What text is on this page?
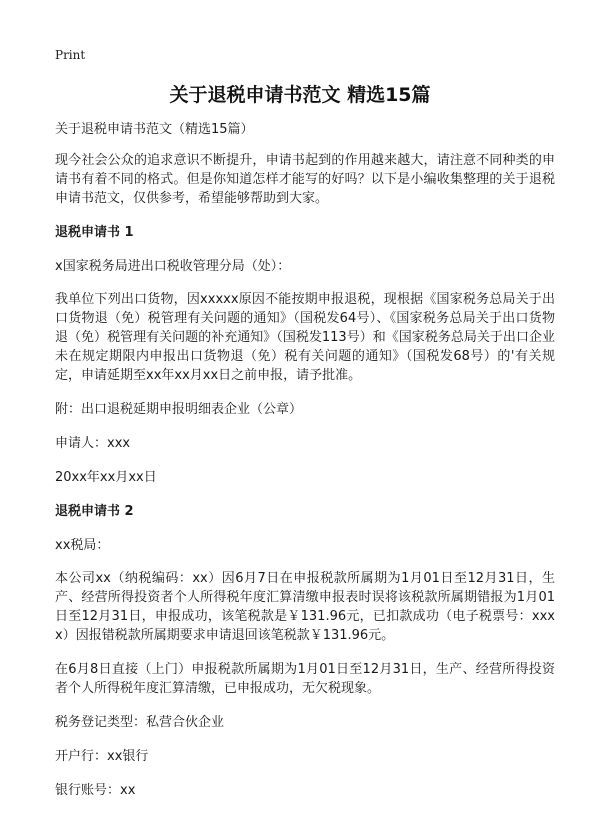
Print
关于退税申请书范文 精选15篇
关于退税申请书范文（精选15篇）
现今社会公众的追求意识不断提升，申请书起到的作用越来越大，请注意不同种类的申请书有着不同的格式。但是你知道怎样才能写的好吗？以下是小编收集整理的关于退税申请书范文，仅供参考，希望能够帮助到大家。
退税申请书 1
x国家税务局进出口税收管理分局（处）：
我单位下列出口货物，因xxxxx原因不能按期申报退税，现根据《国家税务总局关于出口货物退（免）税管理有关问题的通知》（国税发64号）、《国家税务总局关于出口货物退（免）税管理有关问题的补充通知》（国税发113号）和《国家税务总局关于出口企业未在规定期限内申报出口货物退（免）税有关问题的通知》（国税发68号）的'有关规定，申请延期至xx年xx月xx日之前申报，请予批准。
附：出口退税延期申报明细表企业（公章）
申请人：xxx
20xx年xx月xx日
退税申请书 2
xx税局：
本公司xx（纳税编码：xx）因6月7日在申报税款所属期为1月01日至12月31日，生产、经营所得投资者个人所得税年度汇算清缴申报表时误将该税款所属期错报为1月01日至12月31日，申报成功，该笔税款是￥131.96元，已扣款成功（电子税票号：xxxx）因报错税款所属期要求申请退回该笔税款￥131.96元。
在6月8日直接（上门）申报税款所属期为1月01日至12月31日，生产、经营所得投资者个人所得税年度汇算清缴，已申报成功，无欠税现象。
税务登记类型：私营合伙企业
开户行：xx银行
银行账号：xx
